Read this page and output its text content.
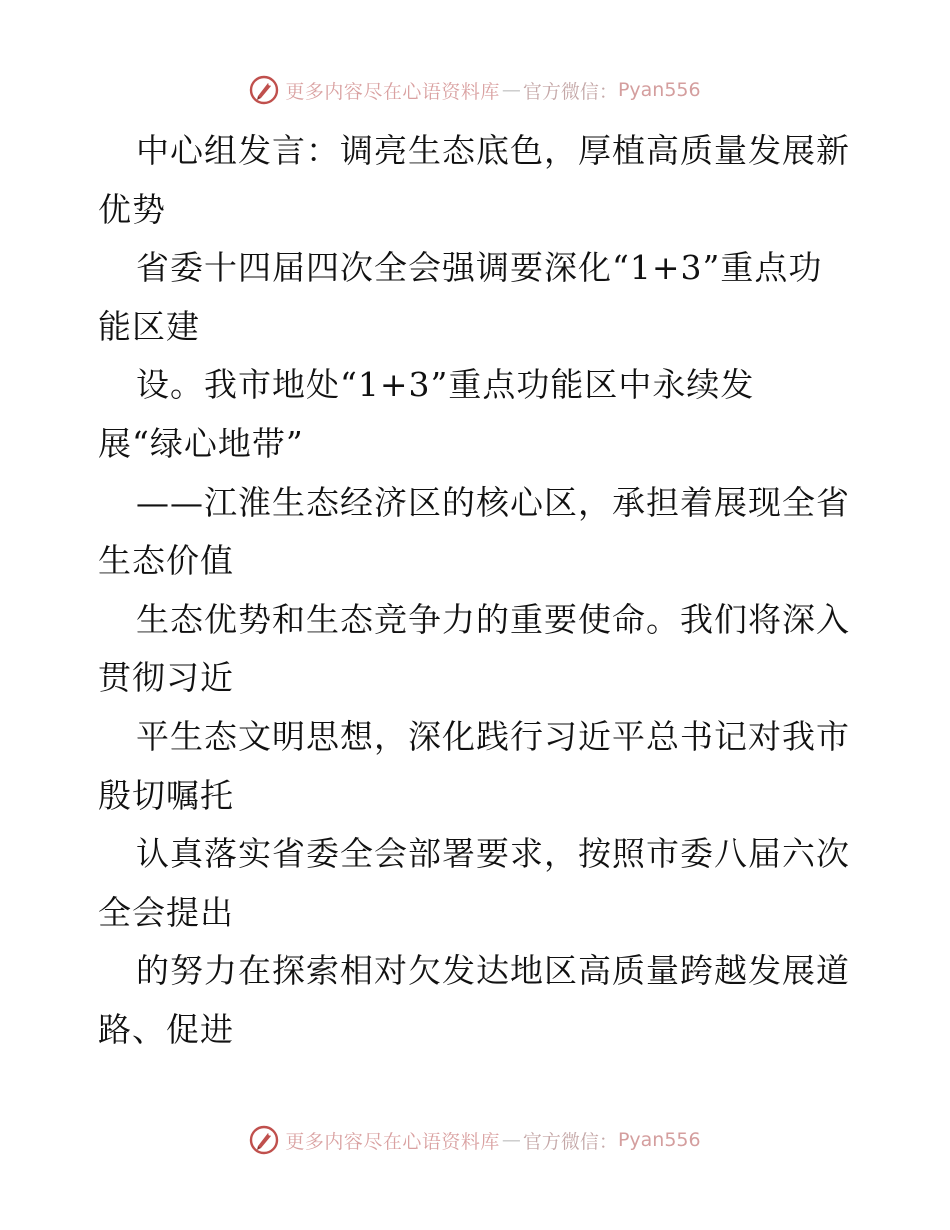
更多内容尽在心语资料库 — 官方微信： Pyan556
中心组发言：调亮生态底色，厚植高质量发展新
优势
省委十四届四次全会强调要深化“1+3”重点功
能区建
设。我市地处“1+3”重点功能区中永续发
展“绿心地带”
——江淮生态经济区的核心区，承担着展现全省
生态价值
生态优势和生态竞争力的重要使命。我们将深入
贯彻习近
平生态文明思想，深化践行习近平总书记对我市
殷切嘱托
认真落实省委全会部署要求，按照市委八届六次
全会提出
的努力在探索相对欠发达地区高质量跨越发展道
路、促进
更多内容尽在心语资料库 — 官方微信： Pyan556
